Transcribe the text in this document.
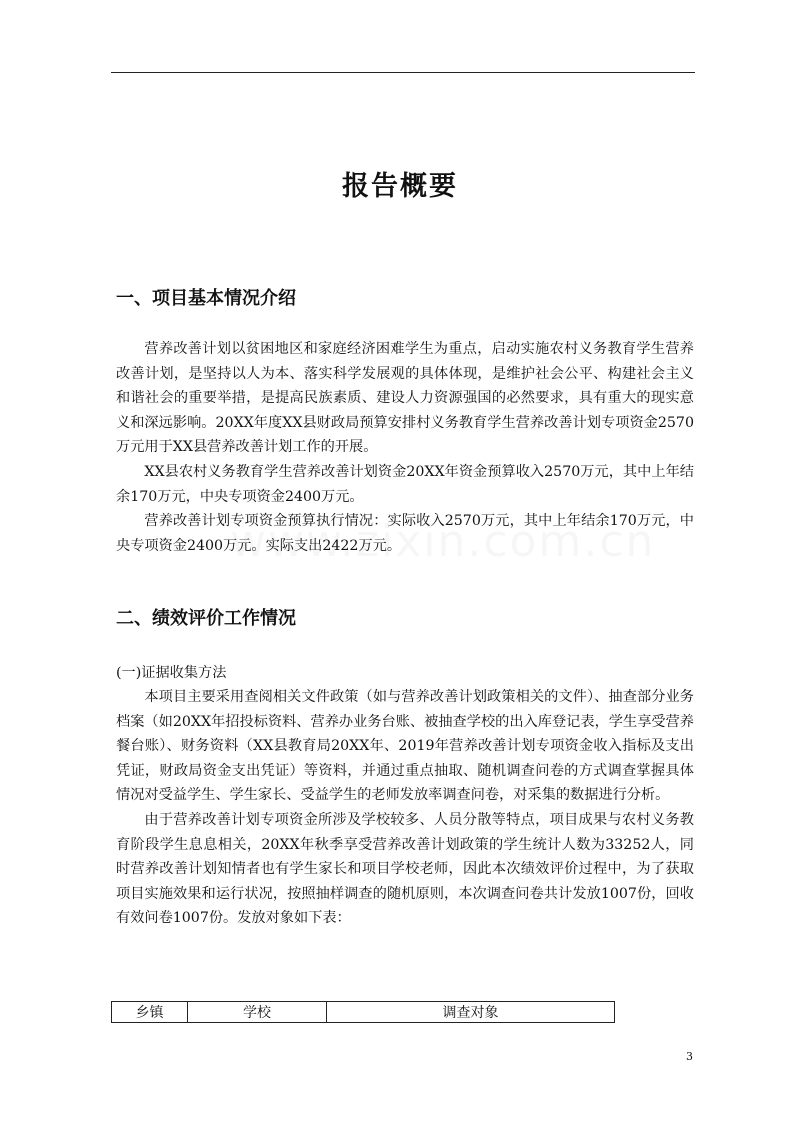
报告概要
一、项目基本情况介绍

营养改善计划以贫困地区和家庭经济困难学生为重点，启动实施农村义务教育学生营养改善计划，是坚持以人为本、落实科学发展观的具体体现，是维护社会公平、构建社会主义和谐社会的重要举措，是提高民族素质、建设人力资源强国的必然要求，具有重大的现实意义和深远影响。20XX年度XX县财政局预算安排村义务教育学生营养改善计划专项资金2570万元用于XX县营养改善计划工作的开展。

XX县农村义务教育学生营养改善计划资金20XX年资金预算收入2570万元，其中上年结余170万元，中央专项资金2400万元。

营养改善计划专项资金预算执行情况：实际收入2570万元，其中上年结余170万元，中央专项资金2400万元。实际支出2422万元。

二、绩效评价工作情况
(一)证据收集方法

本项目主要采用查阅相关文件政策（如与营养改善计划政策相关的文件）、抽查部分业务档案（如20XX年招投标资料、营养办业务台账、被抽查学校的出入库登记表，学生享受营养餐台账）、财务资料（XX县教育局20XX年、2019年营养改善计划专项资金收入指标及支出凭证，财政局资金支出凭证）等资料，并通过重点抽取、随机调查问卷的方式调查掌握具体情况对受益学生、学生家长、受益学生的老师发放率调查问卷，对采集的数据进行分析。

由于营养改善计划专项资金所涉及学校较多、人员分散等特点，项目成果与农村义务教育阶段学生息息相关，20XX年秋季享受营养改善计划政策的学生统计人数为33252人，同时营养改善计划知情者也有学生家长和项目学校老师，因此本次绩效评价过程中，为了获取项目实施效果和运行状况，按照抽样调查的随机原则，本次调查问卷共计发放1007份，回收有效问卷1007份。发放对象如下表：

乡镇	学校	调查对象
3
